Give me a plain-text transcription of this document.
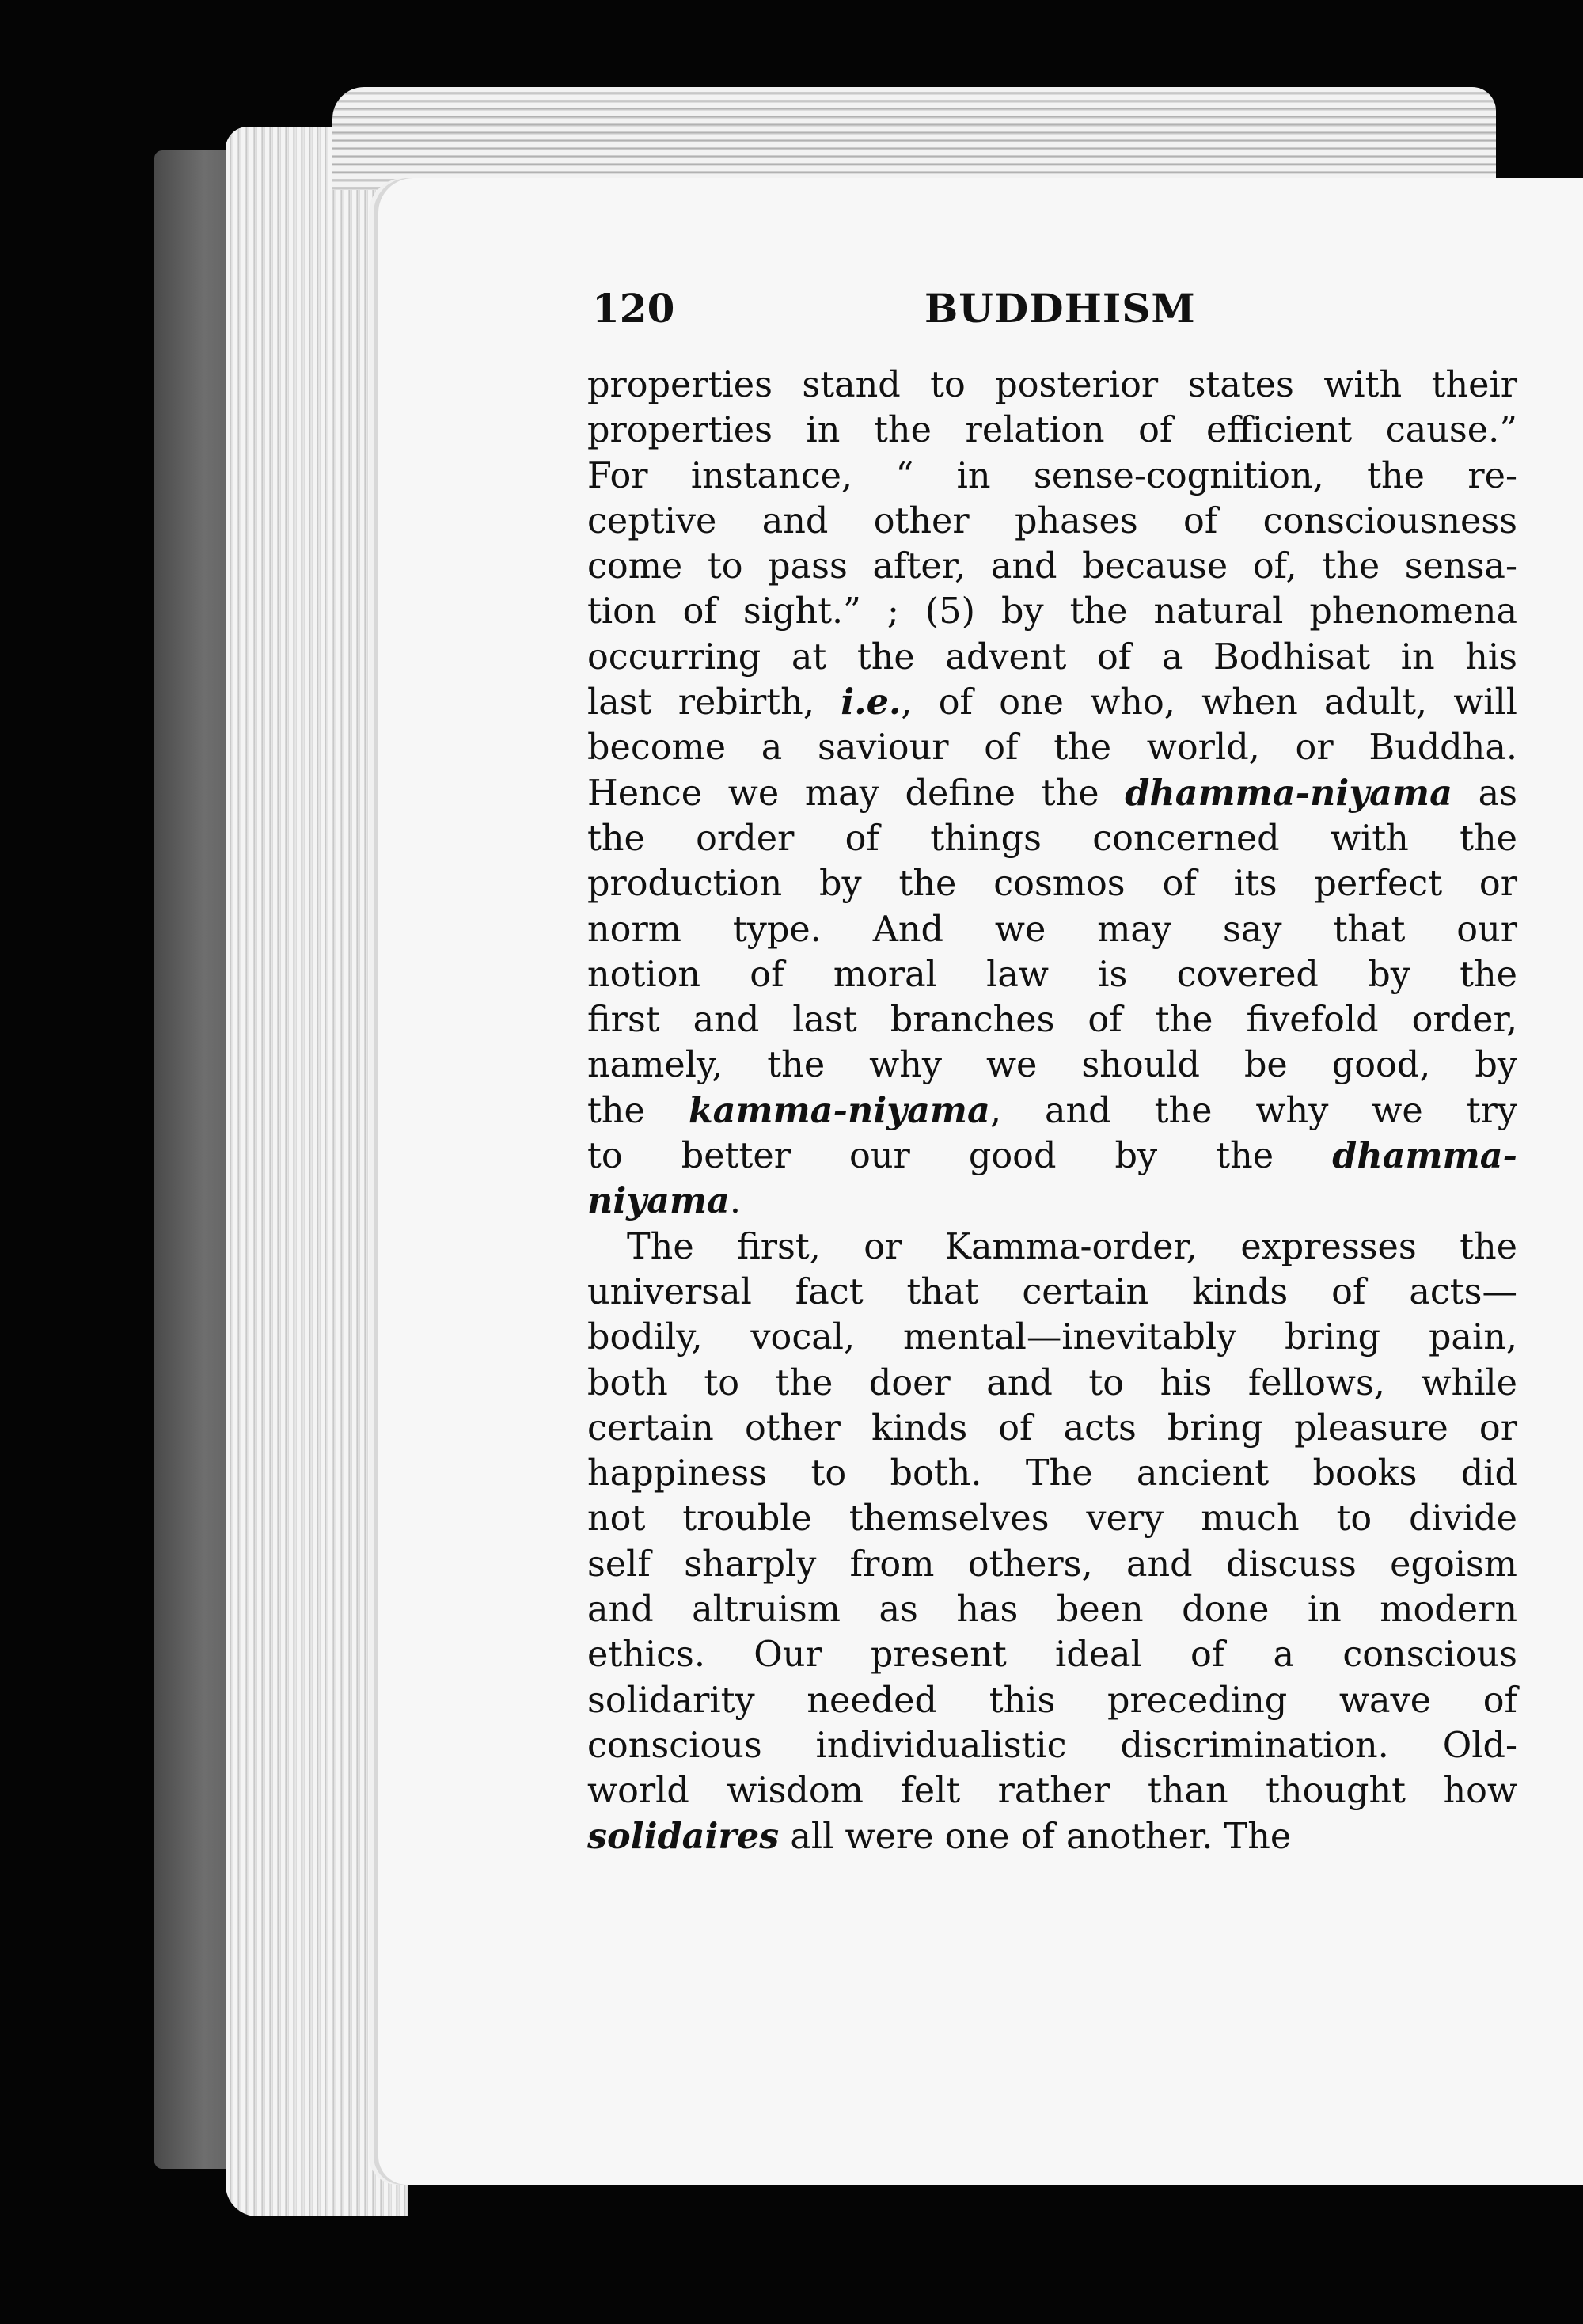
120	BUDDHISM
properties stand to posterior states with their
properties in the relation of efficient cause.”
For instance, “ in sense-cognition, the re-
ceptive and other phases of consciousness
come to pass after, and because of, the sensa-
tion of sight.” ; (5) by the natural phenomena
occurring at the advent of a Bodhisat in his
last rebirth, i.e., of one who, when adult, will
become a saviour of the world, or Buddha.
Hence we may define the dhamma-niyama as
the order of things concerned with the
production by the cosmos of its perfect or
norm type. And we may say that our
notion of moral law is covered by the
first and last branches of the fivefold order,
namely, the why we should be good, by
the kamma-niyama, and the why we try
to better our good by the dhamma-
niyama.
The first, or Kamma-order, expresses the
universal fact that certain kinds of acts—
bodily, vocal, mental—inevitably bring pain,
both to the doer and to his fellows, while
certain other kinds of acts bring pleasure or
happiness to both. The ancient books did
not trouble themselves very much to divide
self sharply from others, and discuss egoism
and altruism as has been done in modern
ethics. Our present ideal of a conscious
solidarity needed this preceding wave of
conscious individualistic discrimination. Old-
world wisdom felt rather than thought how
solidaires all were one of another. The
